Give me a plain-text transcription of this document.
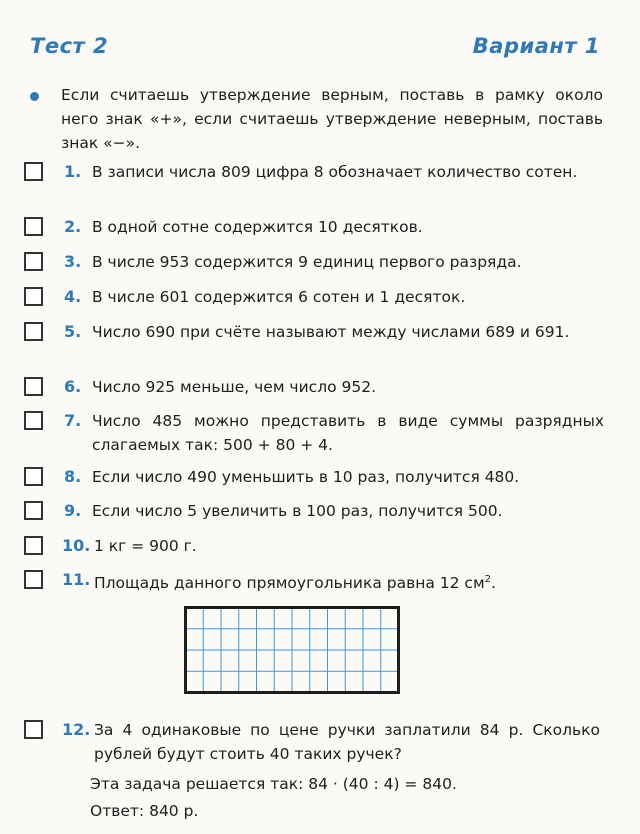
Тест 2	Вариант 1
Если считаешь утверждение верным, поставь в рамку около него знак «+», если считаешь утверждение неверным, поставь знак «−».
1. В записи числа 809 цифра 8 обозначает количество сотен.
2. В одной сотне содержится 10 десятков.
3. В числе 953 содержится 9 единиц первого разряда.
4. В числе 601 содержится 6 сотен и 1 десяток.
5. Число 690 при счёте называют между числами 689 и 691.
6. Число 925 меньше, чем число 952.
7. Число 485 можно представить в виде суммы разрядных слагаемых так: 500 + 80 + 4.
8. Если число 490 уменьшить в 10 раз, получится 480.
9. Если число 5 увеличить в 100 раз, получится 500.
10. 1 кг = 900 г.
11. Площадь данного прямоугольника равна 12 $см^2$.
12. За 4 одинаковые по цене ручки заплатили 84 р. Сколько рублей будут стоить 40 таких ручек?
Эта задача решается так: 84 · (40 : 4) = 840.
Ответ: 840 р.
